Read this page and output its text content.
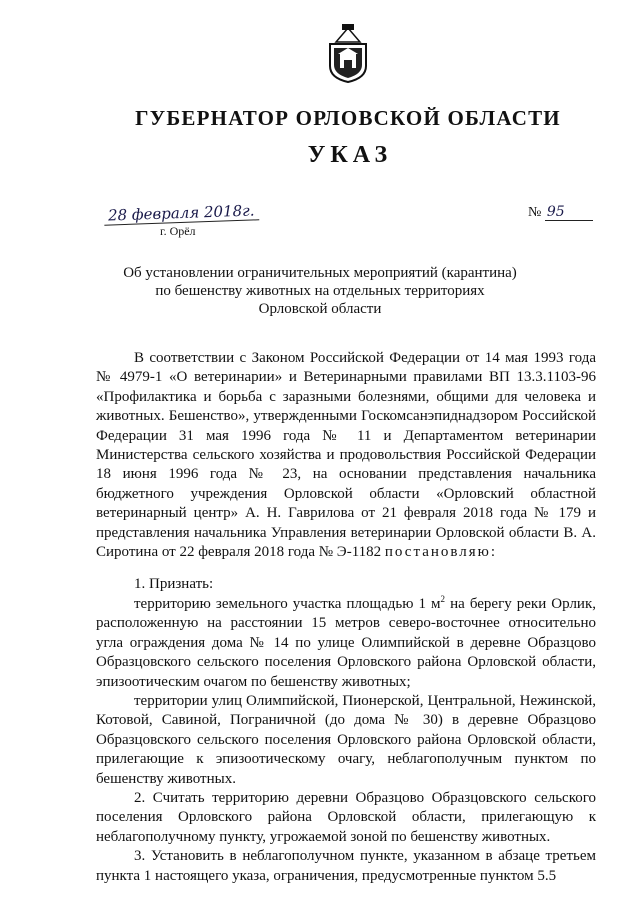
ГУБЕРНАТОР ОРЛОВСКОЙ ОБЛАСТИ
УКАЗ
28 февраля 2018г.
г. Орёл
№ 95
Об установлении ограничительных мероприятий (карантина)
по бешенству животных на отдельных территориях
Орловской области

В соответствии с Законом Российской Федерации от 14 мая 1993 года № 4979-1 «О ветеринарии» и Ветеринарными правилами ВП 13.3.1103-96 «Профилактика и борьба с заразными болезнями, общими для человека и животных. Бешенство», утвержденными Госкомсанэпиднадзором Российской Федерации 31 мая 1996 года № 11 и Департаментом ветеринарии Министерства сельского хозяйства и продовольствия Российской Федерации 18 июня 1996 года № 23, на основании представления начальника бюджетного учреждения Орловской области «Орловский областной ветеринарный центр» А. Н. Гаврилова от 21 февраля 2018 года № 179 и представления начальника Управления ветеринарии Орловской области В. А. Сиротина от 22 февраля 2018 года № Э-1182 постановляю:

1. Признать:

территорию земельного участка площадью 1 $м^2$ на берегу реки Орлик, расположенную на расстоянии 15 метров северо-восточнее относительно угла ограждения дома № 14 по улице Олимпийской в деревне Образцово Образцовского сельского поселения Орловского района Орловской области, эпизоотическим очагом по бешенству животных;

территории улиц Олимпийской, Пионерской, Центральной, Нежинской, Котовой, Савиной, Пограничной (до дома № 30) в деревне Образцово Образцовского сельского поселения Орловского района Орловской области, прилегающие к эпизоотическому очагу, неблагополучным пунктом по бешенству животных.

2. Считать территорию деревни Образцово Образцовского сельского поселения Орловского района Орловской области, прилегающую к неблагополучному пункту, угрожаемой зоной по бешенству животных.

3. Установить в неблагополучном пункте, указанном в абзаце третьем пункта 1 настоящего указа, ограничения, предусмотренные пунктом 5.5
